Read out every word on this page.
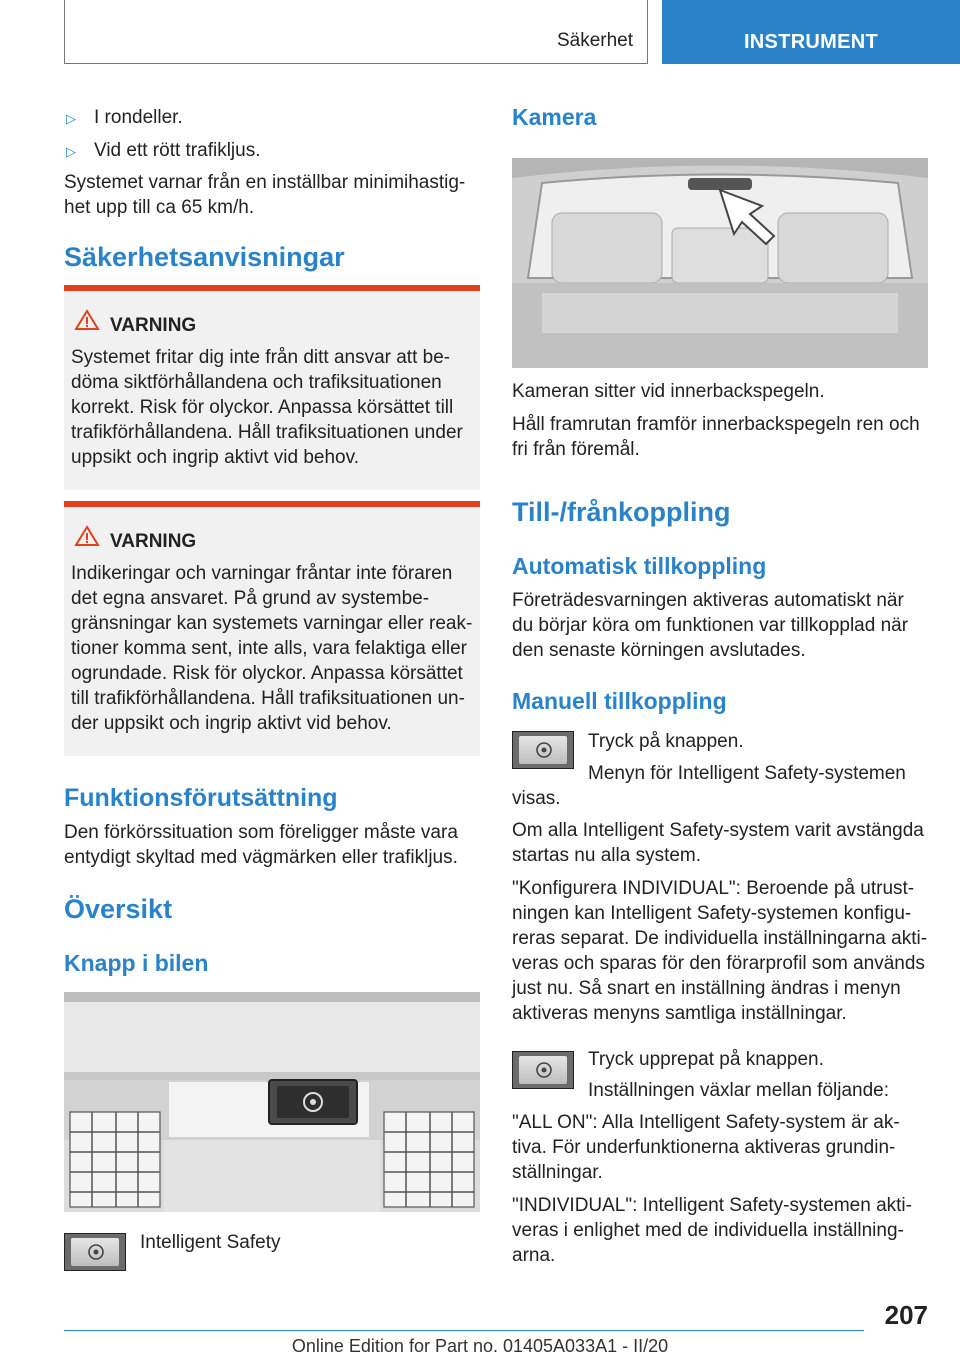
Säkerhet	INSTRUMENT
▷ I rondeller.
▷ Vid ett rött trafikljus.
Systemet varnar från en inställbar minimihastig-
het upp till ca 65 km/h.
Säkerhetsanvisningar
VARNING
Systemet fritar dig inte från ditt ansvar att be-
döma siktförhållandena och trafiksituationen
korrekt. Risk för olyckor. Anpassa körsättet till
trafikförhållandena. Håll trafiksituationen under
uppsikt och ingrip aktivt vid behov.
VARNING
Indikeringar och varningar fråntar inte föraren
det egna ansvaret. På grund av systembe-
gränsningar kan systemets varningar eller reak-
tioner komma sent, inte alls, vara felaktiga eller
ogrundade. Risk för olyckor. Anpassa körsättet
till trafikförhållandena. Håll trafiksituationen un-
der uppsikt och ingrip aktivt vid behov.
Funktionsförutsättning
Den förkörssituation som föreligger måste vara
entydigt skyltad med vägmärken eller trafikljus.
Översikt
Knapp i bilen
Intelligent Safety
Kamera
Kameran sitter vid innerbackspegeln.
Håll framrutan framför innerbackspegeln ren och
fri från föremål.
Till-/frånkoppling
Automatisk tillkoppling
Företrädesvarningen aktiveras automatiskt när
du börjar köra om funktionen var tillkopplad när
den senaste körningen avslutades.
Manuell tillkoppling
Tryck på knappen.
Menyn för Intelligent Safety-systemen
visas.
Om alla Intelligent Safety-system varit avstängda
startas nu alla system.
"Konfigurera INDIVIDUAL": Beroende på utrust-
ningen kan Intelligent Safety-systemen konfigu-
reras separat. De individuella inställningarna akti-
veras och sparas för den förarprofil som används
just nu. Så snart en inställning ändras i menyn
aktiveras menyns samtliga inställningar.
Tryck upprepat på knappen.
Inställningen växlar mellan följande:
"ALL ON": Alla Intelligent Safety-system är ak-
tiva. För underfunktionerna aktiveras grundin-
ställningar.
"INDIVIDUAL": Intelligent Safety-systemen akti-
veras i enlighet med de individuella inställning-
arna.
207
Online Edition for Part no. 01405A033A1 - II/20
